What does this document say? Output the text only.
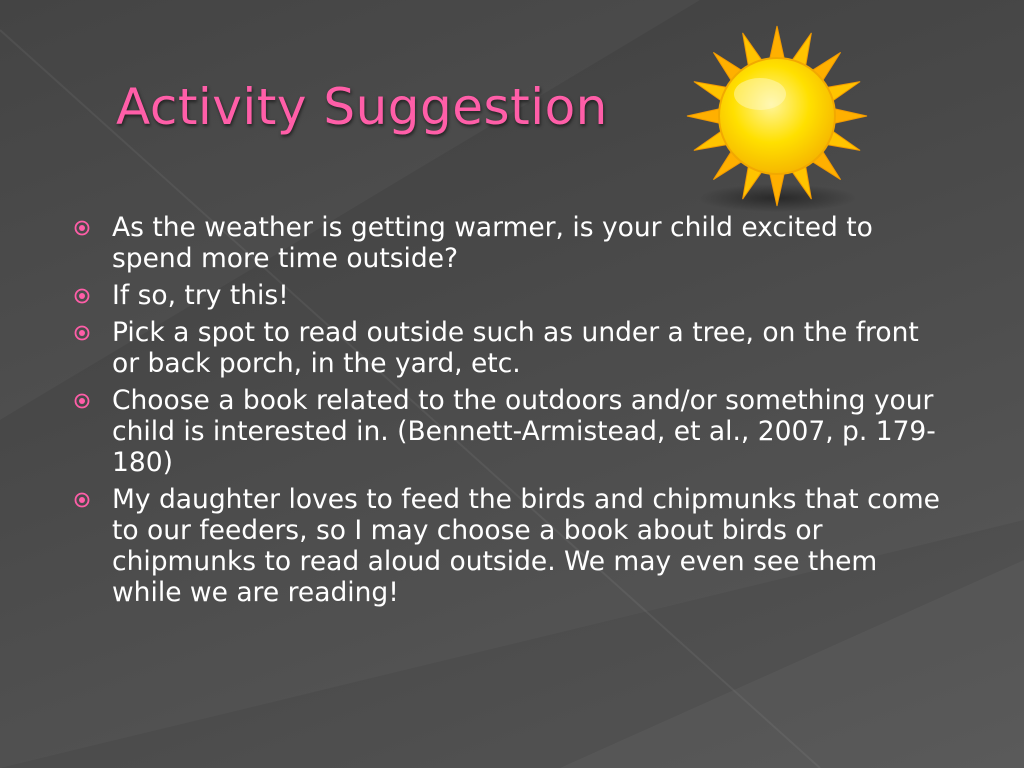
Activity Suggestion
As the weather is getting warmer, is your child excited to spend more time outside?
If so, try this!
Pick a spot to read outside such as under a tree, on the front or back porch, in the yard, etc.
Choose a book related to the outdoors and/or something your child is interested in. (Bennett-Armistead, et al., 2007, p. 179-180)
My daughter loves to feed the birds and chipmunks that come to our feeders, so I may choose a book about birds or chipmunks to read aloud outside. We may even see them while we are reading!
